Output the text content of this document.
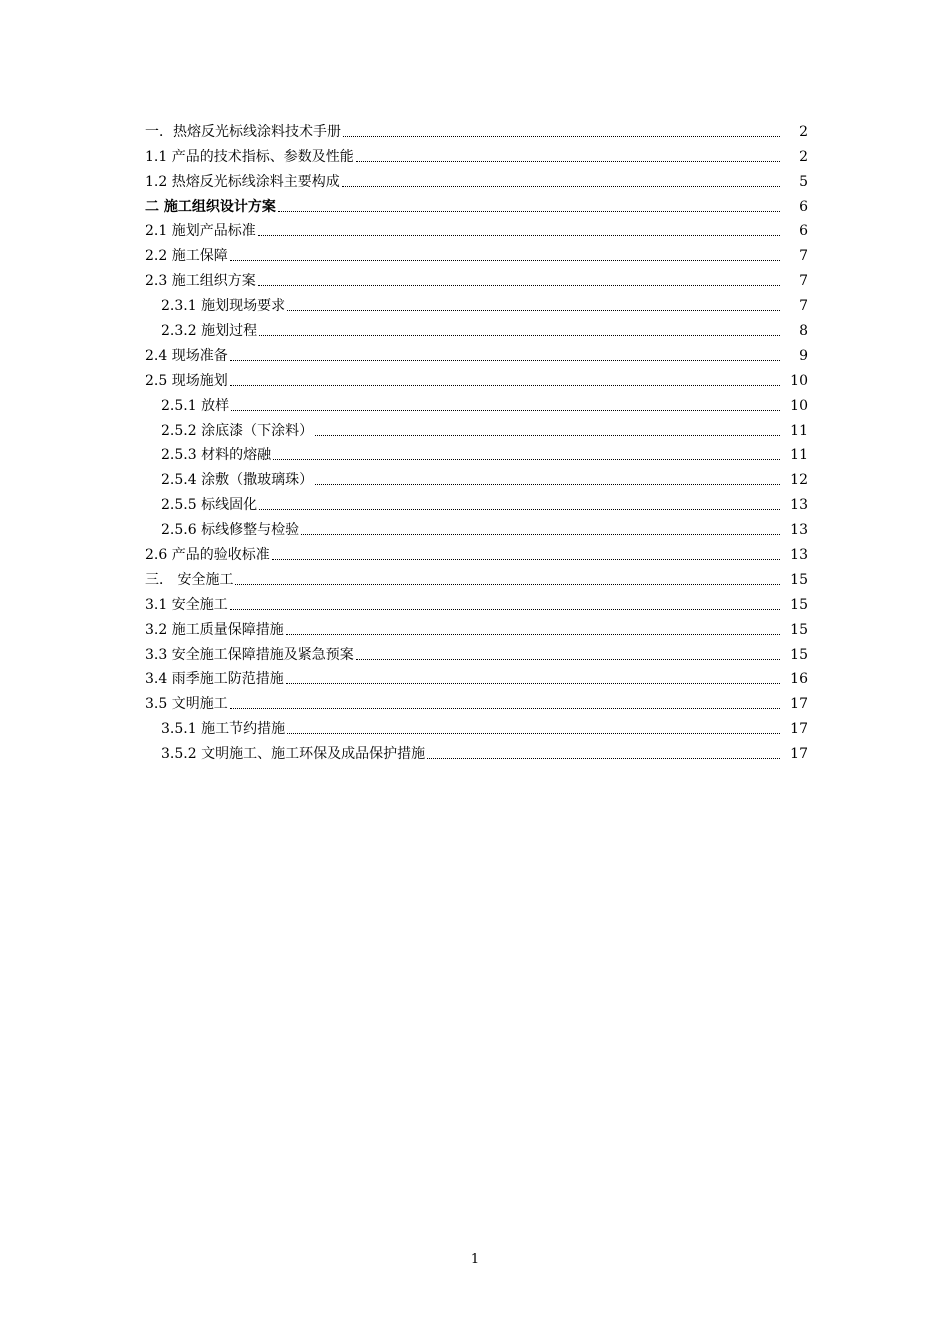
一．热熔反光标线涂料技术手册	2
1.1 产品的技术指标、参数及性能	2
1.2 热熔反光标线涂料主要构成	5
二 施工组织设计方案	6
2.1 施划产品标准	6
2.2 施工保障	7
2.3 施工组织方案	7
2.3.1 施划现场要求	7
2.3.2 施划过程	8
2.4 现场准备	9
2.5 现场施划	10
2.5.1 放样	10
2.5.2 涂底漆（下涂料）	11
2.5.3 材料的熔融	11
2.5.4 涂敷（撒玻璃珠）	12
2.5.5 标线固化	13
2.5.6 标线修整与检验	13
2.6 产品的验收标准	13
三． 安全施工	15
3.1 安全施工	15
3.2 施工质量保障措施	15
3.3 安全施工保障措施及紧急预案	15
3.4 雨季施工防范措施	16
3.5 文明施工	17
3.5.1 施工节约措施	17
3.5.2 文明施工、施工环保及成品保护措施	17
1
